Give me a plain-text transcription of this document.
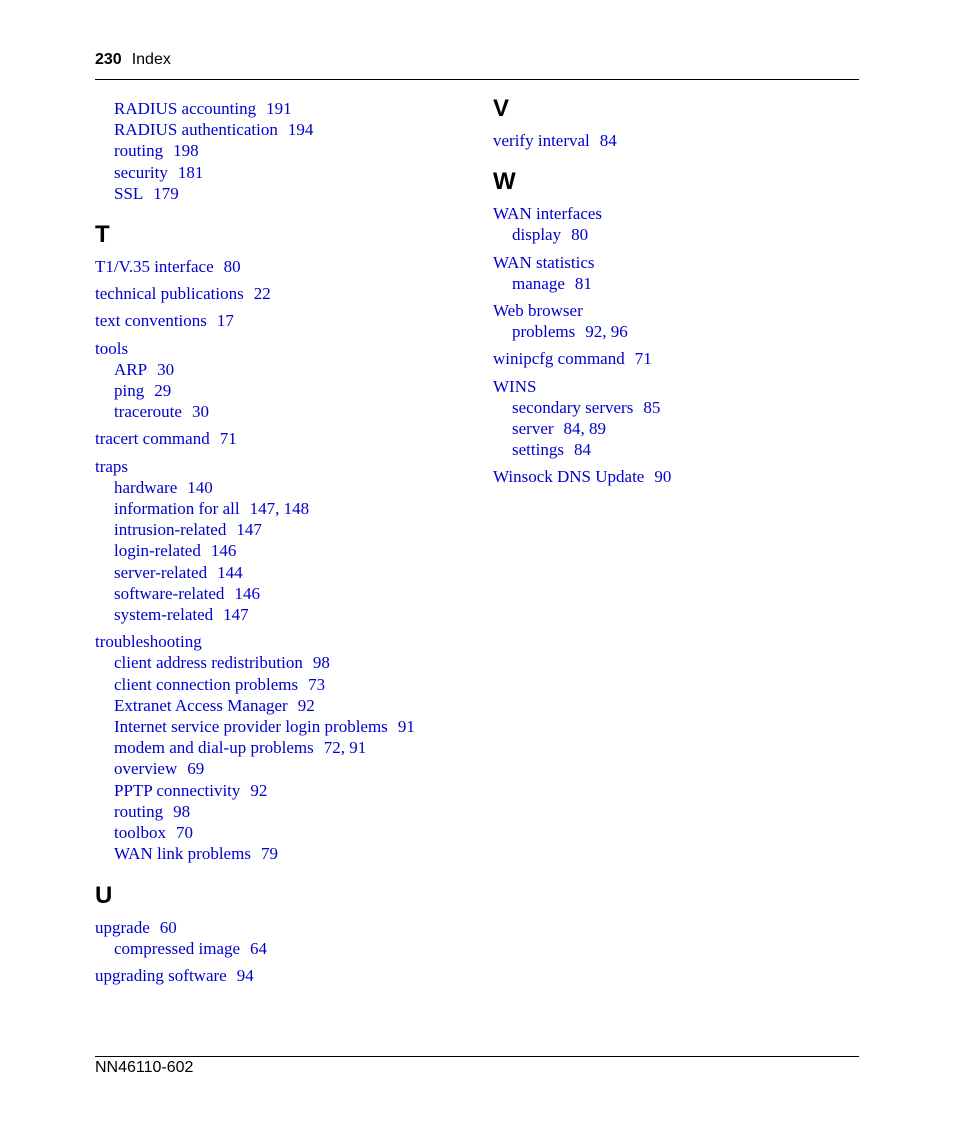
230 Index
RADIUS accounting 191
RADIUS authentication 194
routing 198
security 181
SSL 179
T
T1/V.35 interface 80
technical publications 22
text conventions 17
tools
ARP 30
ping 29
traceroute 30
tracert command 71
traps
hardware 140
information for all 147, 148
intrusion-related 147
login-related 146
server-related 144
software-related 146
system-related 147
troubleshooting
client address redistribution 98
client connection problems 73
Extranet Access Manager 92
Internet service provider login problems 91
modem and dial-up problems 72, 91
overview 69
PPTP connectivity 92
routing 98
toolbox 70
WAN link problems 79
U
upgrade 60
compressed image 64
upgrading software 94
V
verify interval 84
W
WAN interfaces
display 80
WAN statistics
manage 81
Web browser
problems 92, 96
winipcfg command 71
WINS
secondary servers 85
server 84, 89
settings 84
Winsock DNS Update 90
NN46110-602
